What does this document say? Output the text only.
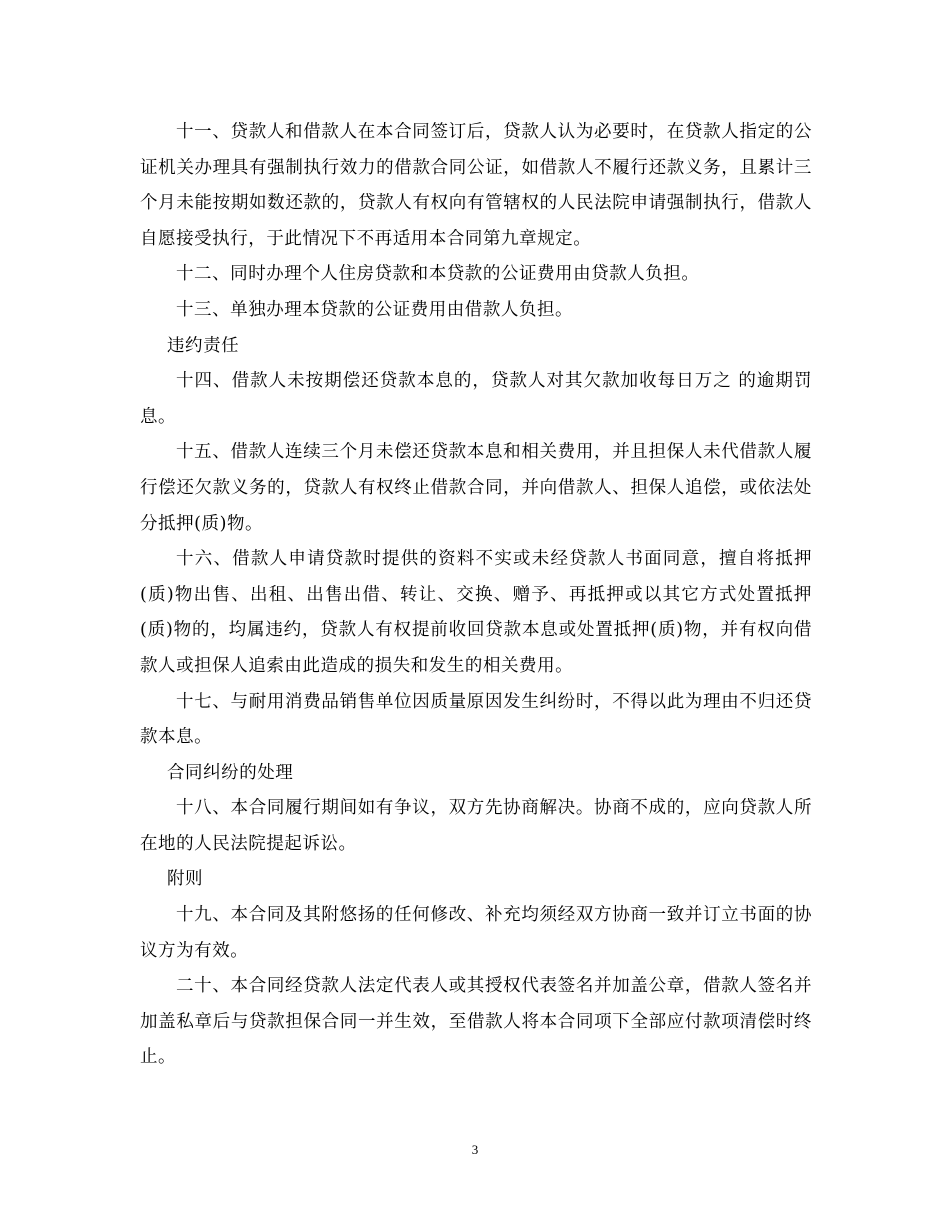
十一、贷款人和借款人在本合同签订后，贷款人认为必要时，在贷款人指定的公证机关办理具有强制执行效力的借款合同公证，如借款人不履行还款义务，且累计三个月未能按期如数还款的，贷款人有权向有管辖权的人民法院申请强制执行，借款人自愿接受执行，于此情况下不再适用本合同第九章规定。

十二、同时办理个人住房贷款和本贷款的公证费用由贷款人负担。

十三、单独办理本贷款的公证费用由借款人负担。

违约责任

十四、借款人未按期偿还贷款本息的，贷款人对其欠款加收每日万之 的逾期罚息。

十五、借款人连续三个月未偿还贷款本息和相关费用，并且担保人未代借款人履行偿还欠款义务的，贷款人有权终止借款合同，并向借款人、担保人追偿，或依法处分抵押(质)物。

十六、借款人申请贷款时提供的资料不实或未经贷款人书面同意，擅自将抵押(质)物出售、出租、出售出借、转让、交换、赠予、再抵押或以其它方式处置抵押(质)物的，均属违约，贷款人有权提前收回贷款本息或处置抵押(质)物，并有权向借款人或担保人追索由此造成的损失和发生的相关费用。

十七、与耐用消费品销售单位因质量原因发生纠纷时，不得以此为理由不归还贷款本息。

合同纠纷的处理

十八、本合同履行期间如有争议，双方先协商解决。协商不成的，应向贷款人所在地的人民法院提起诉讼。

附则

十九、本合同及其附悠扬的任何修改、补充均须经双方协商一致并订立书面的协议方为有效。

二十、本合同经贷款人法定代表人或其授权代表签名并加盖公章，借款人签名并加盖私章后与贷款担保合同一并生效，至借款人将本合同项下全部应付款项清偿时终止。

3
